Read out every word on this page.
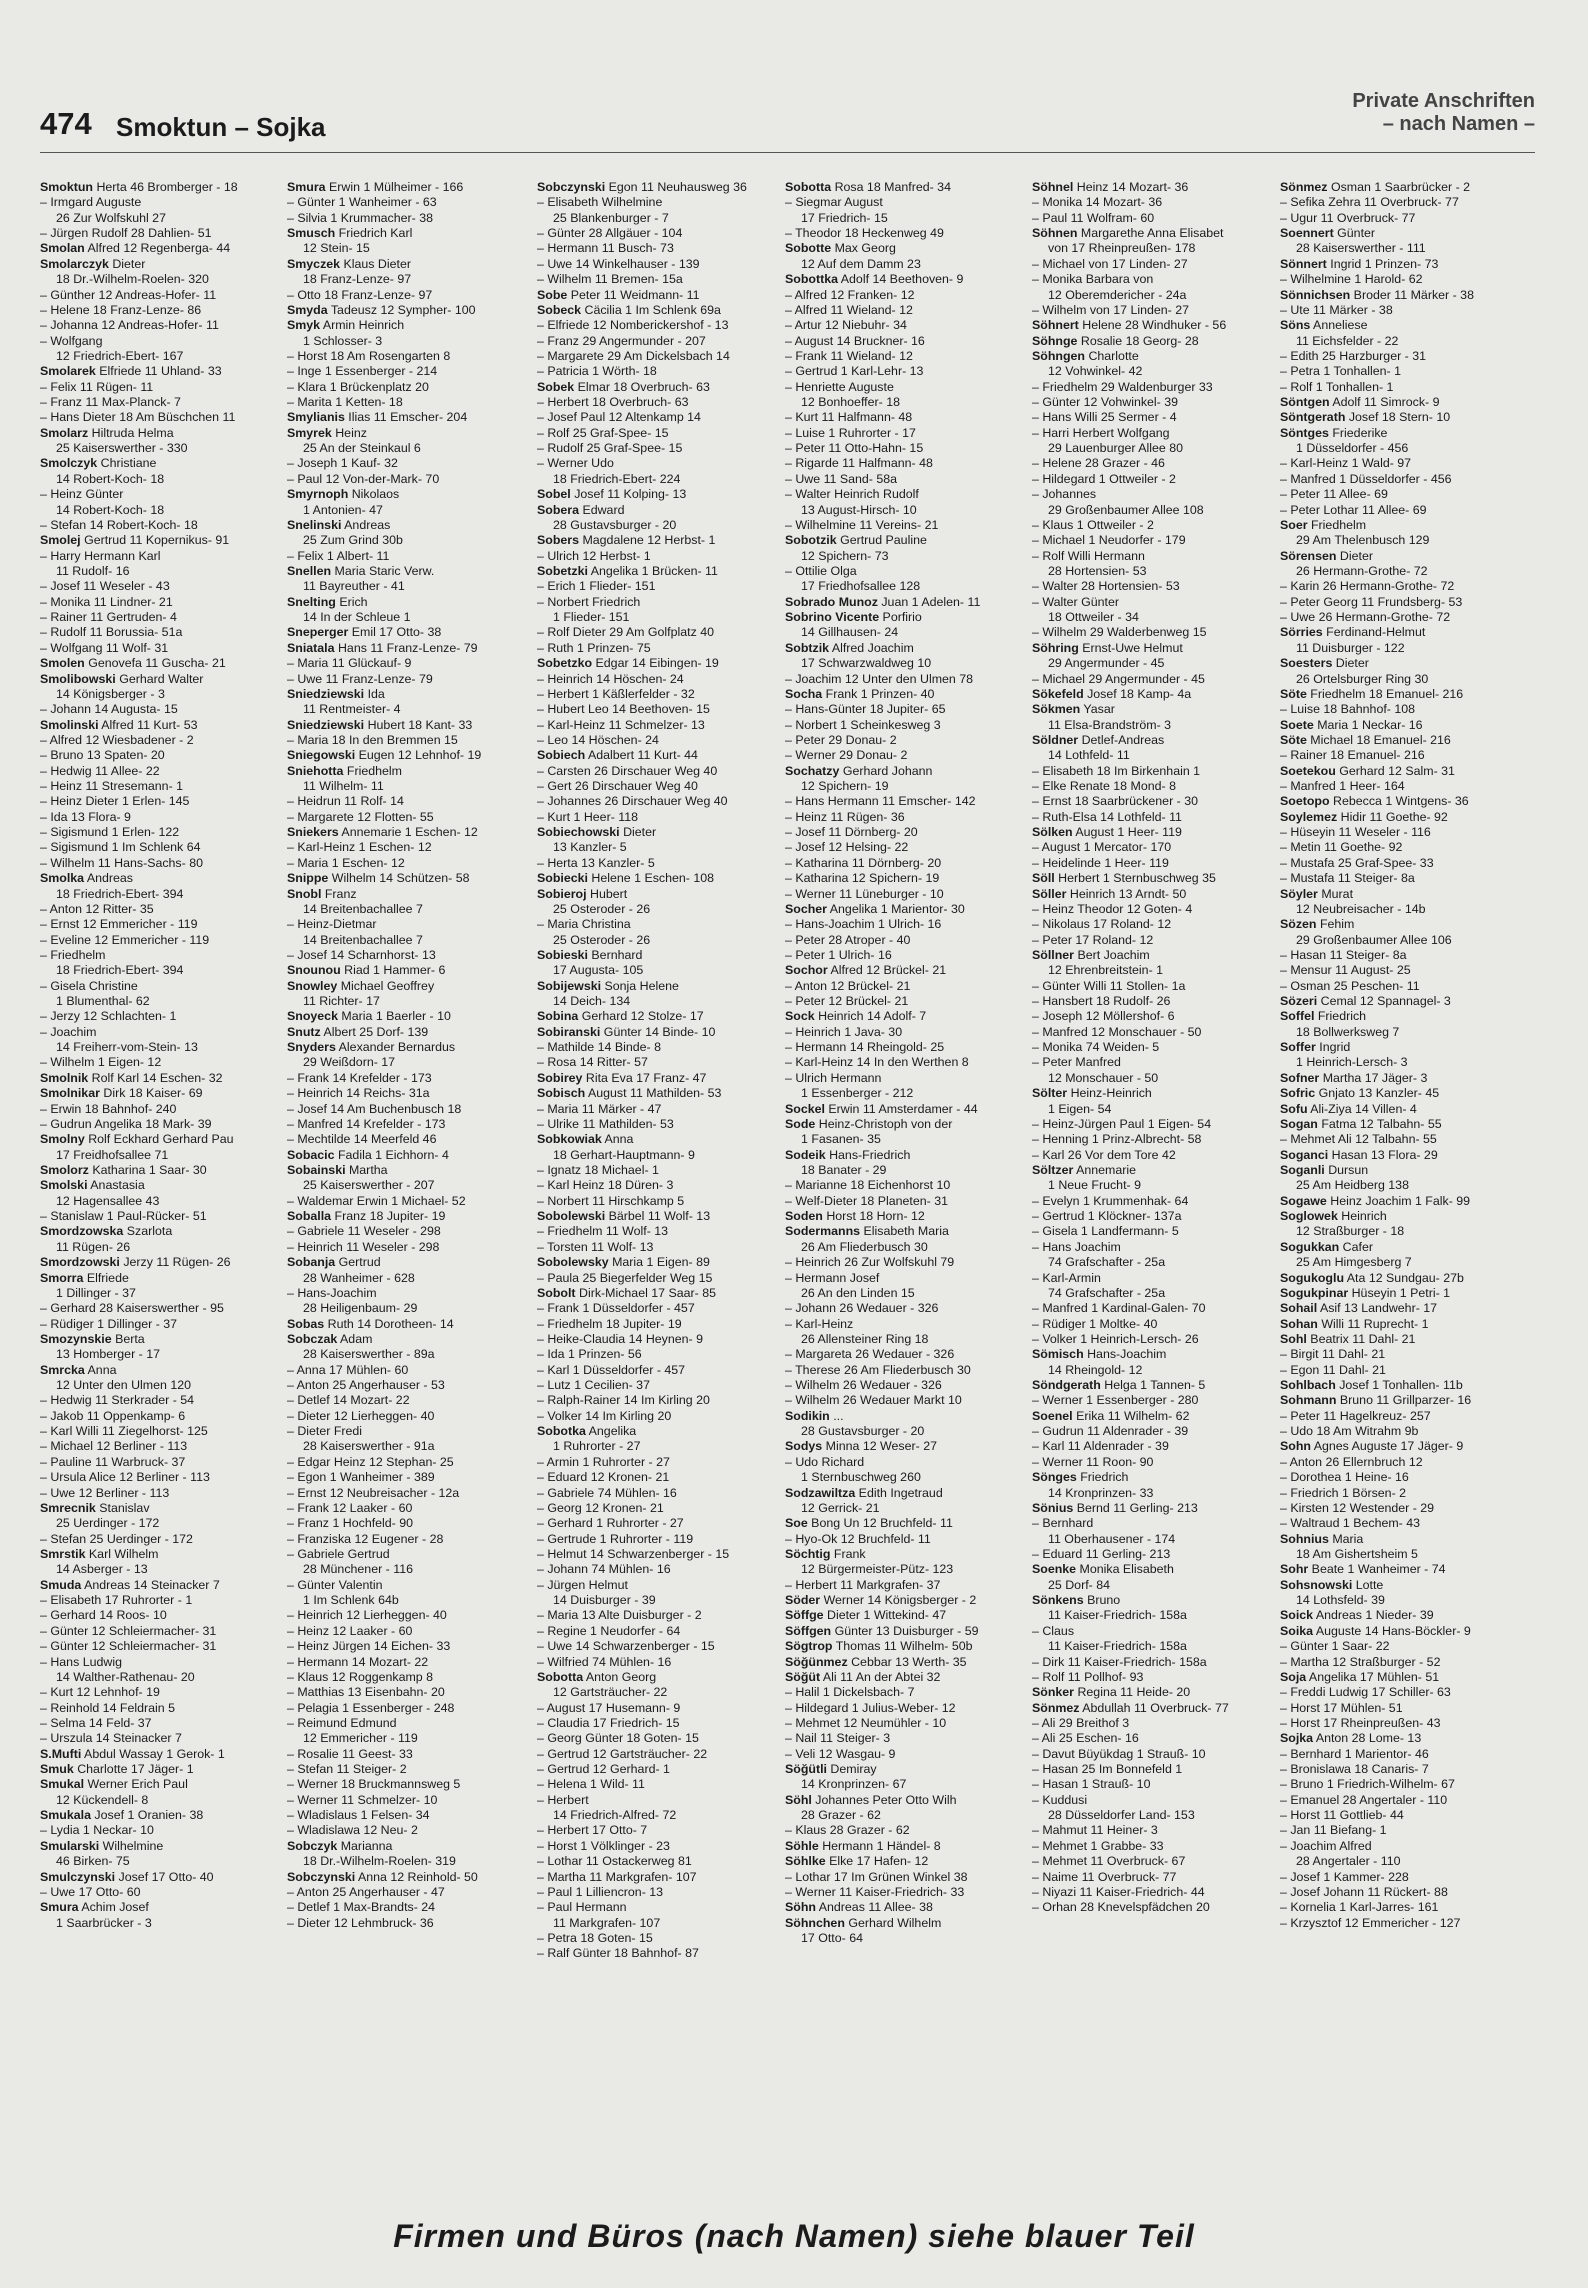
474 Smoktun – Sojka
Private Anschriften
– nach Namen –
Smoktun Herta 46 Bromberger - 18
– Irmgard Auguste
26 Zur Wolfskuhl 27
– Jürgen Rudolf 28 Dahlien- 51
Smolan Alfred 12 Regenberga- 44
Smolarczyk Dieter
18 Dr.-Wilhelm-Roelen- 320
– Günther 12 Andreas-Hofer- 11
– Helene 18 Franz-Lenze- 86
– Johanna 12 Andreas-Hofer- 11
– Wolfgang
12 Friedrich-Ebert- 167
Smolarek Elfriede 11 Uhland- 33
– Felix 11 Rügen- 11
– Franz 11 Max-Planck- 7
– Hans Dieter 18 Am Büschchen 11
Smolarz Hiltruda Helma
25 Kaiserswerther - 330
Smolczyk Christiane
14 Robert-Koch- 18
– Heinz Günter
14 Robert-Koch- 18
– Stefan 14 Robert-Koch- 18
Smolej Gertrud 11 Kopernikus- 91
– Harry Hermann Karl
11 Rudolf- 16
– Josef 11 Weseler - 43
– Monika 11 Lindner- 21
– Rainer 11 Gertruden- 4
– Rudolf 11 Borussia- 51a
– Wolfgang 11 Wolf- 31
Smolen Genovefa 11 Guscha- 21
Smolibowski Gerhard Walter
14 Königsberger - 3
– Johann 14 Augusta- 15
Smolinski Alfred 11 Kurt- 53
– Alfred 12 Wiesbadener - 2
– Bruno 13 Spaten- 20
– Hedwig 11 Allee- 22
– Heinz 11 Stresemann- 1
– Heinz Dieter 1 Erlen- 145
– Ida 13 Flora- 9
– Sigismund 1 Erlen- 122
– Sigismund 1 Im Schlenk 64
– Wilhelm 11 Hans-Sachs- 80
Smolka Andreas
18 Friedrich-Ebert- 394
– Anton 12 Ritter- 35
– Ernst 12 Emmericher - 119
– Eveline 12 Emmericher - 119
– Friedhelm
18 Friedrich-Ebert- 394
– Gisela Christine
1 Blumenthal- 62
– Jerzy 12 Schlachten- 1
– Joachim
14 Freiherr-vom-Stein- 13
– Wilhelm 1 Eigen- 12
Smolnik Rolf Karl 14 Eschen- 32
Smolnikar Dirk 18 Kaiser- 69
– Erwin 18 Bahnhof- 240
– Gudrun Angelika 18 Mark- 39
Smolny Rolf Eckhard Gerhard Pau
17 Freidhofsallee 71
Smolorz Katharina 1 Saar- 30
Smolski Anastasia
12 Hagensallee 43
– Stanislaw 1 Paul-Rücker- 51
Smordzowska Szarlota
11 Rügen- 26
Smordzowski Jerzy 11 Rügen- 26
Smorra Elfriede
1 Dillinger - 37
– Gerhard 28 Kaiserswerther - 95
– Rüdiger 1 Dillinger - 37
Smozynskie Berta
13 Homberger - 17
Smrcka Anna
12 Unter den Ulmen 120
– Hedwig 11 Sterkrader - 54
– Jakob 11 Oppenkamp- 6
– Karl Willi 11 Ziegelhorst- 125
– Michael 12 Berliner - 113
– Pauline 11 Warbruck- 37
– Ursula Alice 12 Berliner - 113
– Uwe 12 Berliner - 113
Smrecnik Stanislav
25 Uerdinger - 172
– Stefan 25 Uerdinger - 172
Smrstik Karl Wilhelm
14 Asberger - 13
Smuda Andreas 14 Steinacker 7
– Elisabeth 17 Ruhrorter - 1
– Gerhard 14 Roos- 10
– Günter 12 Schleiermacher- 31
– Günter 12 Schleiermacher- 31
– Hans Ludwig
14 Walther-Rathenau- 20
– Kurt 12 Lehnhof- 19
– Reinhold 14 Feldrain 5
– Selma 14 Feld- 37
– Urszula 14 Steinacker 7
S.Mufti Abdul Wassay 1 Gerok- 1
Smuk Charlotte 17 Jäger- 1
Smukal Werner Erich Paul
12 Kückendell- 8
Smukala Josef 1 Oranien- 38
– Lydia 1 Neckar- 10
Smularski Wilhelmine
46 Birken- 75
Smulczynski Josef 17 Otto- 40
– Uwe 17 Otto- 60
Smura Achim Josef
1 Saarbrücker - 3
Smura Erwin 1 Mülheimer - 166
– Günter 1 Wanheimer - 63
– Silvia 1 Krummacher- 38
Smusch Friedrich Karl
12 Stein- 15
Smyczek Klaus Dieter
18 Franz-Lenze- 97
– Otto 18 Franz-Lenze- 97
Smyda Tadeusz 12 Sympher- 100
Smyk Armin Heinrich
1 Schlosser- 3
– Horst 18 Am Rosengarten 8
– Inge 1 Essenberger - 214
– Klara 1 Brückenplatz 20
– Marita 1 Ketten- 18
Smylianis Ilias 11 Emscher- 204
Smyrek Heinz
25 An der Steinkaul 6
– Joseph 1 Kauf- 32
– Paul 12 Von-der-Mark- 70
Smyrnoph Nikolaos
1 Antonien- 47
Snelinski Andreas
25 Zum Grind 30b
– Felix 1 Albert- 11
Snellen Maria Staric Verw.
11 Bayreuther - 41
Snelting Erich
14 In der Schleue 1
Sneperger Emil 17 Otto- 38
Sniatala Hans 11 Franz-Lenze- 79
– Maria 11 Glückauf- 9
– Uwe 11 Franz-Lenze- 79
Sniedziewski Ida
11 Rentmeister- 4
Sniedziewski Hubert 18 Kant- 33
– Maria 18 In den Bremmen 15
Sniegowski Eugen 12 Lehnhof- 19
Sniehotta Friedhelm
11 Wilhelm- 11
– Heidrun 11 Rolf- 14
– Margarete 12 Flotten- 55
Sniekers Annemarie 1 Eschen- 12
– Karl-Heinz 1 Eschen- 12
– Maria 1 Eschen- 12
Snippe Wilhelm 14 Schützen- 58
Snobl Franz
14 Breitenbachallee 7
– Heinz-Dietmar
14 Breitenbachallee 7
– Josef 14 Scharnhorst- 13
Snounou Riad 1 Hammer- 6
Snowley Michael Geoffrey
11 Richter- 17
Snoyeck Maria 1 Baerler - 10
Snutz Albert 25 Dorf- 139
Snyders Alexander Bernardus
29 Weißdorn- 17
– Frank 14 Krefelder - 173
– Heinrich 14 Reichs- 31a
– Josef 14 Am Buchenbusch 18
– Manfred 14 Krefelder - 173
– Mechtilde 14 Meerfeld 46
Sobacic Fadila 1 Eichhorn- 4
Sobainski Martha
25 Kaiserswerther - 207
– Waldemar Erwin 1 Michael- 52
Soballa Franz 18 Jupiter- 19
– Gabriele 11 Weseler - 298
– Heinrich 11 Weseler - 298
Sobanja Gertrud
28 Wanheimer - 628
– Hans-Joachim
28 Heiligenbaum- 29
Sobas Ruth 14 Dorotheen- 14
Sobczak Adam
28 Kaiserswerther - 89a
– Anna 17 Mühlen- 60
– Anton 25 Angerhauser - 53
– Detlef 14 Mozart- 22
– Dieter 12 Lierheggen- 40
– Dieter Fredi
28 Kaiserswerther - 91a
– Edgar Heinz 12 Stephan- 25
– Egon 1 Wanheimer - 389
– Ernst 12 Neubreisacher - 12a
– Frank 12 Laaker - 60
– Franz 1 Hochfeld- 90
– Franziska 12 Eugener - 28
– Gabriele Gertrud
28 Münchener - 116
– Günter Valentin
1 Im Schlenk 64b
– Heinrich 12 Lierheggen- 40
– Heinz 12 Laaker - 60
– Heinz Jürgen 14 Eichen- 33
– Hermann 14 Mozart- 22
– Klaus 12 Roggenkamp 8
– Matthias 13 Eisenbahn- 20
– Pelagia 1 Essenberger - 248
– Reimund Edmund
12 Emmericher - 119
– Rosalie 11 Geest- 33
– Stefan 11 Steiger- 2
– Werner 18 Bruckmannsweg 5
– Werner 11 Schmelzer- 10
– Wladislaus 1 Felsen- 34
– Wladislawa 12 Neu- 2
Sobczyk Marianna
18 Dr.-Wilhelm-Roelen- 319
Sobczynski Anna 12 Reinhold- 50
– Anton 25 Angerhauser - 47
– Detlef 1 Max-Brandts- 24
– Dieter 12 Lehmbruck- 36
Sobczynski Egon 11 Neuhausweg 36
– Elisabeth Wilhelmine
25 Blankenburger - 7
– Günter 28 Allgäuer - 104
– Hermann 11 Busch- 73
– Uwe 14 Winkelhauser - 139
– Wilhelm 11 Bremen- 15a
Sobe Peter 11 Weidmann- 11
Sobeck Cäcilia 1 Im Schlenk 69a
– Elfriede 12 Nomberickershof - 13
– Franz 29 Angermunder - 207
– Margarete 29 Am Dickelsbach 14
– Patricia 1 Wörth- 18
Sobek Elmar 18 Overbruch- 63
– Herbert 18 Overbruch- 63
– Josef Paul 12 Altenkamp 14
– Rolf 25 Graf-Spee- 15
– Rudolf 25 Graf-Spee- 15
– Werner Udo
18 Friedrich-Ebert- 224
Sobel Josef 11 Kolping- 13
Sobera Edward
28 Gustavsburger - 20
Sobers Magdalene 12 Herbst- 1
– Ulrich 12 Herbst- 1
Sobetzki Angelika 1 Brücken- 11
– Erich 1 Flieder- 151
– Norbert Friedrich
1 Flieder- 151
– Rolf Dieter 29 Am Golfplatz 40
– Ruth 1 Prinzen- 75
Sobetzko Edgar 14 Eibingen- 19
– Heinrich 14 Höschen- 24
– Herbert 1 Käßlerfelder - 32
– Hubert Leo 14 Beethoven- 15
– Karl-Heinz 11 Schmelzer- 13
– Leo 14 Höschen- 24
Sobiech Adalbert 11 Kurt- 44
– Carsten 26 Dirschauer Weg 40
– Gert 26 Dirschauer Weg 40
– Johannes 26 Dirschauer Weg 40
– Kurt 1 Heer- 118
Sobiechowski Dieter
13 Kanzler- 5
– Herta 13 Kanzler- 5
Sobiecki Helene 1 Eschen- 108
Sobieroj Hubert
25 Osteroder - 26
– Maria Christina
25 Osteroder - 26
Sobieski Bernhard
17 Augusta- 105
Sobijewski Sonja Helene
14 Deich- 134
Sobina Gerhard 12 Stolze- 17
Sobiranski Günter 14 Binde- 10
– Mathilde 14 Binde- 8
– Rosa 14 Ritter- 57
Sobirey Rita Eva 17 Franz- 47
Sobisch August 11 Mathilden- 53
– Maria 11 Märker - 47
– Ulrike 11 Mathilden- 53
Sobkowiak Anna
18 Gerhart-Hauptmann- 9
– Ignatz 18 Michael- 1
– Karl Heinz 18 Düren- 3
– Norbert 11 Hirschkamp 5
Sobolewski Bärbel 11 Wolf- 13
– Friedhelm 11 Wolf- 13
– Torsten 11 Wolf- 13
Sobolewsky Maria 1 Eigen- 89
– Paula 25 Biegerfelder Weg 15
Sobolt Dirk-Michael 17 Saar- 85
– Frank 1 Düsseldorfer - 457
– Friedhelm 18 Jupiter- 19
– Heike-Claudia 14 Heynen- 9
– Ida 1 Prinzen- 56
– Karl 1 Düsseldorfer - 457
– Lutz 1 Cecilien- 37
– Ralph-Rainer 14 Im Kirling 20
– Volker 14 Im Kirling 20
Sobotka Angelika
1 Ruhrorter - 27
– Armin 1 Ruhrorter - 27
– Eduard 12 Kronen- 21
– Gabriele 74 Mühlen- 16
– Georg 12 Kronen- 21
– Gerhard 1 Ruhrorter - 27
– Gertrude 1 Ruhrorter - 119
– Helmut 14 Schwarzenberger - 15
– Johann 74 Mühlen- 16
– Jürgen Helmut
14 Duisburger - 39
– Maria 13 Alte Duisburger - 2
– Regine 1 Neudorfer - 64
– Uwe 14 Schwarzenberger - 15
– Wilfried 74 Mühlen- 16
Sobotta Anton Georg
12 Gartsträucher- 22
– August 17 Husemann- 9
– Claudia 17 Friedrich- 15
– Georg Günter 18 Goten- 15
– Gertrud 12 Gartsträucher- 22
– Gertrud 12 Gerhard- 1
– Helena 1 Wild- 11
– Herbert
14 Friedrich-Alfred- 72
– Herbert 17 Otto- 7
– Horst 1 Völklinger - 23
– Lothar 11 Ostackerweg 81
– Martha 11 Markgrafen- 107
– Paul 1 Lilliencron- 13
– Paul Hermann
11 Markgrafen- 107
– Petra 18 Goten- 15
– Ralf Günter 18 Bahnhof- 87
Sobotta Rosa 18 Manfred- 34
– Siegmar August
17 Friedrich- 15
– Theodor 18 Heckenweg 49
Sobotte Max Georg
12 Auf dem Damm 23
Sobottka Adolf 14 Beethoven- 9
– Alfred 12 Franken- 12
– Alfred 11 Wieland- 12
– Artur 12 Niebuhr- 34
– August 14 Bruckner- 16
– Frank 11 Wieland- 12
– Gertrud 1 Karl-Lehr- 13
– Henriette Auguste
12 Bonhoeffer- 18
– Kurt 11 Halfmann- 48
– Luise 1 Ruhrorter - 17
– Peter 11 Otto-Hahn- 15
– Rigarde 11 Halfmann- 48
– Uwe 11 Sand- 58a
– Walter Heinrich Rudolf
13 August-Hirsch- 10
– Wilhelmine 11 Vereins- 21
Sobotzik Gertrud Pauline
12 Spichern- 73
– Ottilie Olga
17 Friedhofsallee 128
Sobrado Munoz Juan 1 Adelen- 11
Sobrino Vicente Porfirio
14 Gillhausen- 24
Sobtzik Alfred Joachim
17 Schwarzwaldweg 10
– Joachim 12 Unter den Ulmen 78
Socha Frank 1 Prinzen- 40
– Hans-Günter 18 Jupiter- 65
– Norbert 1 Scheinkesweg 3
– Peter 29 Donau- 2
– Werner 29 Donau- 2
Sochatzy Gerhard Johann
12 Spichern- 19
– Hans Hermann 11 Emscher- 142
– Heinz 11 Rügen- 36
– Josef 11 Dörnberg- 20
– Josef 12 Helsing- 22
– Katharina 11 Dörnberg- 20
– Katharina 12 Spichern- 19
– Werner 11 Lüneburger - 10
Socher Angelika 1 Marientor- 30
– Hans-Joachim 1 Ulrich- 16
– Peter 28 Atroper - 40
– Peter 1 Ulrich- 16
Sochor Alfred 12 Brückel- 21
– Anton 12 Brückel- 21
– Peter 12 Brückel- 21
Sock Heinrich 14 Adolf- 7
– Heinrich 1 Java- 30
– Hermann 14 Rheingold- 25
– Karl-Heinz 14 In den Werthen 8
– Ulrich Hermann
1 Essenberger - 212
Sockel Erwin 11 Amsterdamer - 44
Sode Heinz-Christoph von der
1 Fasanen- 35
Sodeik Hans-Friedrich
18 Banater - 29
– Marianne 18 Eichenhorst 10
– Welf-Dieter 18 Planeten- 31
Soden Horst 18 Horn- 12
Sodermanns Elisabeth Maria
26 Am Fliederbusch 30
– Heinrich 26 Zur Wolfskuhl 79
– Hermann Josef
26 An den Linden 15
– Johann 26 Wedauer - 326
– Karl-Heinz
26 Allensteiner Ring 18
– Margareta 26 Wedauer - 326
– Therese 26 Am Fliederbusch 30
– Wilhelm 26 Wedauer - 326
– Wilhelm 26 Wedauer Markt 10
Sodikin ...
28 Gustavsburger - 20
Sodys Minna 12 Weser- 27
– Udo Richard
1 Sternbuschweg 260
Sodzawiltza Edith Ingetraud
12 Gerrick- 21
Soe Bong Un 12 Bruchfeld- 11
– Hyo-Ok 12 Bruchfeld- 11
Söchtig Frank
12 Bürgermeister-Pütz- 123
– Herbert 11 Markgrafen- 37
Söder Werner 14 Königsberger - 2
Söffge Dieter 1 Wittekind- 47
Söffgen Günter 13 Duisburger - 59
Sögtrop Thomas 11 Wilhelm- 50b
Söğünmez Cebbar 13 Werth- 35
Söğüt Ali 11 An der Abtei 32
– Halil 1 Dickelsbach- 7
– Hildegard 1 Julius-Weber- 12
– Mehmet 12 Neumühler - 10
– Nail 11 Steiger- 3
– Veli 12 Wasgau- 9
Söğütli Demiray
14 Kronprinzen- 67
Söhl Johannes Peter Otto Wilh
28 Grazer - 62
– Klaus 28 Grazer - 62
Söhle Hermann 1 Händel- 8
Söhlke Elke 17 Hafen- 12
– Lothar 17 Im Grünen Winkel 38
– Werner 11 Kaiser-Friedrich- 33
Söhn Andreas 11 Allee- 38
Söhnchen Gerhard Wilhelm
17 Otto- 64
Söhnel Heinz 14 Mozart- 36
– Monika 14 Mozart- 36
– Paul 11 Wolfram- 60
Söhnen Margarethe Anna Elisabet
von 17 Rheinpreußen- 178
– Michael von 17 Linden- 27
– Monika Barbara von
12 Oberemdericher - 24a
– Wilhelm von 17 Linden- 27
Söhnert Helene 28 Windhuker - 56
Söhnge Rosalie 18 Georg- 28
Söhngen Charlotte
12 Vohwinkel- 42
– Friedhelm 29 Waldenburger 33
– Günter 12 Vohwinkel- 39
– Hans Willi 25 Sermer - 4
– Harri Herbert Wolfgang
29 Lauenburger Allee 80
– Helene 28 Grazer - 46
– Hildegard 1 Ottweiler - 2
– Johannes
29 Großenbaumer Allee 108
– Klaus 1 Ottweiler - 2
– Michael 1 Neudorfer - 179
– Rolf Willi Hermann
28 Hortensien- 53
– Walter 28 Hortensien- 53
– Walter Günter
18 Ottweiler - 34
– Wilhelm 29 Walderbenweg 15
Söhring Ernst-Uwe Helmut
29 Angermunder - 45
– Michael 29 Angermunder - 45
Sökefeld Josef 18 Kamp- 4a
Sökmen Yasar
11 Elsa-Brandström- 3
Söldner Detlef-Andreas
14 Lothfeld- 11
– Elisabeth 18 Im Birkenhain 1
– Elke Renate 18 Mond- 8
– Ernst 18 Saarbrückener - 30
– Ruth-Elsa 14 Lothfeld- 11
Sölken August 1 Heer- 119
– August 1 Mercator- 170
– Heidelinde 1 Heer- 119
Söll Herbert 1 Sternbuschweg 35
Söller Heinrich 13 Arndt- 50
– Heinz Theodor 12 Goten- 4
– Nikolaus 17 Roland- 12
– Peter 17 Roland- 12
Söllner Bert Joachim
12 Ehrenbreitstein- 1
– Günter Willi 11 Stollen- 1a
– Hansbert 18 Rudolf- 26
– Joseph 12 Möllershof- 6
– Manfred 12 Monschauer - 50
– Monika 74 Weiden- 5
– Peter Manfred
12 Monschauer - 50
Sölter Heinz-Heinrich
1 Eigen- 54
– Heinz-Jürgen Paul 1 Eigen- 54
– Henning 1 Prinz-Albrecht- 58
– Karl 26 Vor dem Tore 42
Söltzer Annemarie
1 Neue Frucht- 9
– Evelyn 1 Krummenhak- 64
– Gertrud 1 Klöckner- 137a
– Gisela 1 Landfermann- 5
– Hans Joachim
74 Grafschafter - 25a
– Karl-Armin
74 Grafschafter - 25a
– Manfred 1 Kardinal-Galen- 70
– Rüdiger 1 Moltke- 40
– Volker 1 Heinrich-Lersch- 26
Sömisch Hans-Joachim
14 Rheingold- 12
Söndgerath Helga 1 Tannen- 5
– Werner 1 Essenberger - 280
Soenel Erika 11 Wilhelm- 62
– Gudrun 11 Aldenrader - 39
– Karl 11 Aldenrader - 39
– Werner 11 Roon- 90
Sönges Friedrich
14 Kronprinzen- 33
Sönius Bernd 11 Gerling- 213
– Bernhard
11 Oberhausener - 174
– Eduard 11 Gerling- 213
Soenke Monika Elisabeth
25 Dorf- 84
Sönkens Bruno
11 Kaiser-Friedrich- 158a
– Claus
11 Kaiser-Friedrich- 158a
– Dirk 11 Kaiser-Friedrich- 158a
– Rolf 11 Pollhof- 93
Sönker Regina 11 Heide- 20
Sönmez Abdullah 11 Overbruck- 77
– Ali 29 Breithof 3
– Ali 25 Eschen- 16
– Davut Büyükdag 1 Strauß- 10
– Hasan 25 Im Bonnefeld 1
– Hasan 1 Strauß- 10
– Kuddusi
28 Düsseldorfer Land- 153
– Mahmut 11 Heiner- 3
– Mehmet 1 Grabbe- 33
– Mehmet 11 Overbruck- 67
– Naime 11 Overbruck- 77
– Niyazi 11 Kaiser-Friedrich- 44
– Orhan 28 Knevelspfädchen 20
Sönmez Osman 1 Saarbrücker - 2
– Sefika Zehra 11 Overbruck- 77
– Ugur 11 Overbruck- 77
Soennert Günter
28 Kaiserswerther - 111
Sönnert Ingrid 1 Prinzen- 73
– Wilhelmine 1 Harold- 62
Sönnichsen Broder 11 Märker - 38
– Ute 11 Märker - 38
Söns Anneliese
11 Eichsfelder - 22
– Edith 25 Harzburger - 31
– Petra 1 Tonhallen- 1
– Rolf 1 Tonhallen- 1
Söntgen Adolf 11 Simrock- 9
Söntgerath Josef 18 Stern- 10
Söntges Friederike
1 Düsseldorfer - 456
– Karl-Heinz 1 Wald- 97
– Manfred 1 Düsseldorfer - 456
– Peter 11 Allee- 69
– Peter Lothar 11 Allee- 69
Soer Friedhelm
29 Am Thelenbusch 129
Sörensen Dieter
26 Hermann-Grothe- 72
– Karin 26 Hermann-Grothe- 72
– Peter Georg 11 Frundsberg- 53
– Uwe 26 Hermann-Grothe- 72
Sörries Ferdinand-Helmut
11 Duisburger - 122
Soesters Dieter
26 Ortelsburger Ring 30
Söte Friedhelm 18 Emanuel- 216
– Luise 18 Bahnhof- 108
Soete Maria 1 Neckar- 16
Söte Michael 18 Emanuel- 216
– Rainer 18 Emanuel- 216
Soetekou Gerhard 12 Salm- 31
– Manfred 1 Heer- 164
Soetopo Rebecca 1 Wintgens- 36
Soylemez Hidir 11 Goethe- 92
– Hüseyin 11 Weseler - 116
– Metin 11 Goethe- 92
– Mustafa 25 Graf-Spee- 33
– Mustafa 11 Steiger- 8a
Söyler Murat
12 Neubreisacher - 14b
Sözen Fehim
29 Großenbaumer Allee 106
– Hasan 11 Steiger- 8a
– Mensur 11 August- 25
– Osman 25 Peschen- 11
Sözeri Cemal 12 Spannagel- 3
Soffel Friedrich
18 Bollwerksweg 7
Soffer Ingrid
1 Heinrich-Lersch- 3
Sofner Martha 17 Jäger- 3
Sofric Gnjato 13 Kanzler- 45
Sofu Ali-Ziya 14 Villen- 4
Sogan Fatma 12 Talbahn- 55
– Mehmet Ali 12 Talbahn- 55
Soganci Hasan 13 Flora- 29
Soganli Dursun
25 Am Heidberg 138
Sogawe Heinz Joachim 1 Falk- 99
Soglowek Heinrich
12 Straßburger - 18
Sogukkan Cafer
25 Am Himgesberg 7
Sogukoglu Ata 12 Sundgau- 27b
Sogukpinar Hüseyin 1 Petri- 1
Sohail Asif 13 Landwehr- 17
Sohan Willi 11 Ruprecht- 1
Sohl Beatrix 11 Dahl- 21
– Birgit 11 Dahl- 21
– Egon 11 Dahl- 21
Sohlbach Josef 1 Tonhallen- 11b
Sohmann Bruno 11 Grillparzer- 16
– Peter 11 Hagelkreuz- 257
– Udo 18 Am Witrahm 9b
Sohn Agnes Auguste 17 Jäger- 9
– Anton 26 Ellernbruch 12
– Dorothea 1 Heine- 16
– Friedrich 1 Börsen- 2
– Kirsten 12 Westender - 29
– Waltraud 1 Bechem- 43
Sohnius Maria
18 Am Gishertsheim 5
Sohr Beate 1 Wanheimer - 74
Sohsnowski Lotte
14 Lothsfeld- 39
Soick Andreas 1 Nieder- 39
Soika Auguste 14 Hans-Böckler- 9
– Günter 1 Saar- 22
– Martha 12 Straßburger - 52
Soja Angelika 17 Mühlen- 51
– Freddi Ludwig 17 Schiller- 63
– Horst 17 Mühlen- 51
– Horst 17 Rheinpreußen- 43
Sojka Anton 28 Lome- 13
– Bernhard 1 Marientor- 46
– Bronislawa 18 Canaris- 7
– Bruno 1 Friedrich-Wilhelm- 67
– Emanuel 28 Angertaler - 110
– Horst 11 Gottlieb- 44
– Jan 11 Biefang- 1
– Joachim Alfred
28 Angertaler - 110
– Josef 1 Kammer- 228
– Josef Johann 11 Rückert- 88
– Kornelia 1 Karl-Jarres- 161
– Krzysztof 12 Emmericher - 127
Firmen und Büros (nach Namen) siehe blauer Teil
